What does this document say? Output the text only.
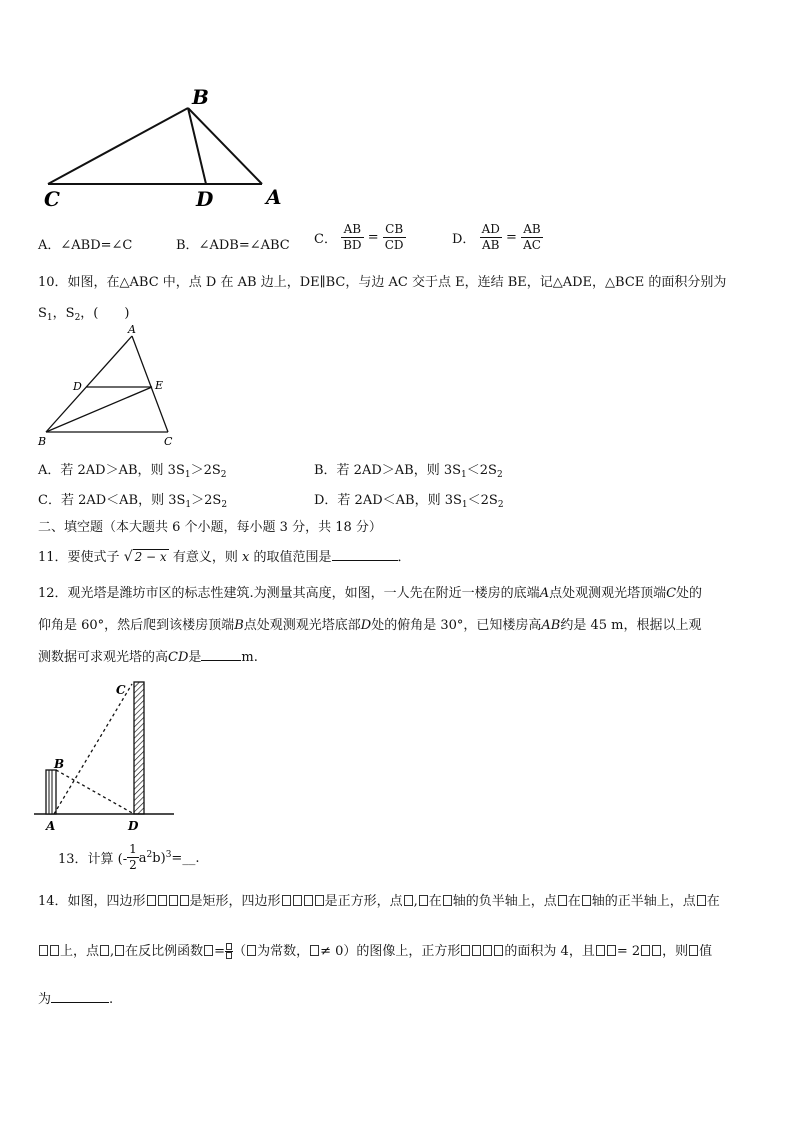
B
C	D	A
A．∠ABD=∠C	B．∠ADB=∠ABC C． $\frac{AB}{BD} = \frac{CB}{CD}$	D． $\frac{AD}{AB} = \frac{AB}{AC}$
10．如图，在△ABC 中，点 D 在 AB 边上，DE∥BC，与边 AC 交于点 E，连结 BE，记△ADE，△BCE 的面积分别为
$S_1$，$S_2$，(　　)
A
D	E
B	C
A．若 2AD＞AB，则 $3S_1>2S_2$	B．若 2AD＞AB，则 $3S_1<2S_2$
C．若 2AD＜AB，则 $3S_1>2S_2$	D．若 2AD＜AB，则 $3S_1<2S_2$
二、填空题（本大题共 6 个小题，每小题 3 分，共 18 分）
11．要使式子 √ 2 − x 有意义，则 x 的取值范围是	．
12．观光塔是潍坊市区的标志性建筑.为测量其高度，如图，一人先在附近一楼房的底端A点处观测观光塔顶端C处的
仰角是 60°，然后爬到该楼房顶端B点处观测观光塔底部D处的俯角是 30°，已知楼房高AB约是 45 m，根据以上观
测数据可求观光塔的高CD是	m.
C
B
A	D
13．计算 (- $\frac{1}{2}$ $a^2b)^3=\_\_$.
14．如图，四边形	是矩形，四边形	是正方形，点 , 在 轴的负半轴上，点 在 轴的正半轴上，点 在
上，点 , 在反比例函数 = （ 为常数， ≠ 0）的图像上，正方形	的面积为 4，且 = 2 ，则 值
为	.
